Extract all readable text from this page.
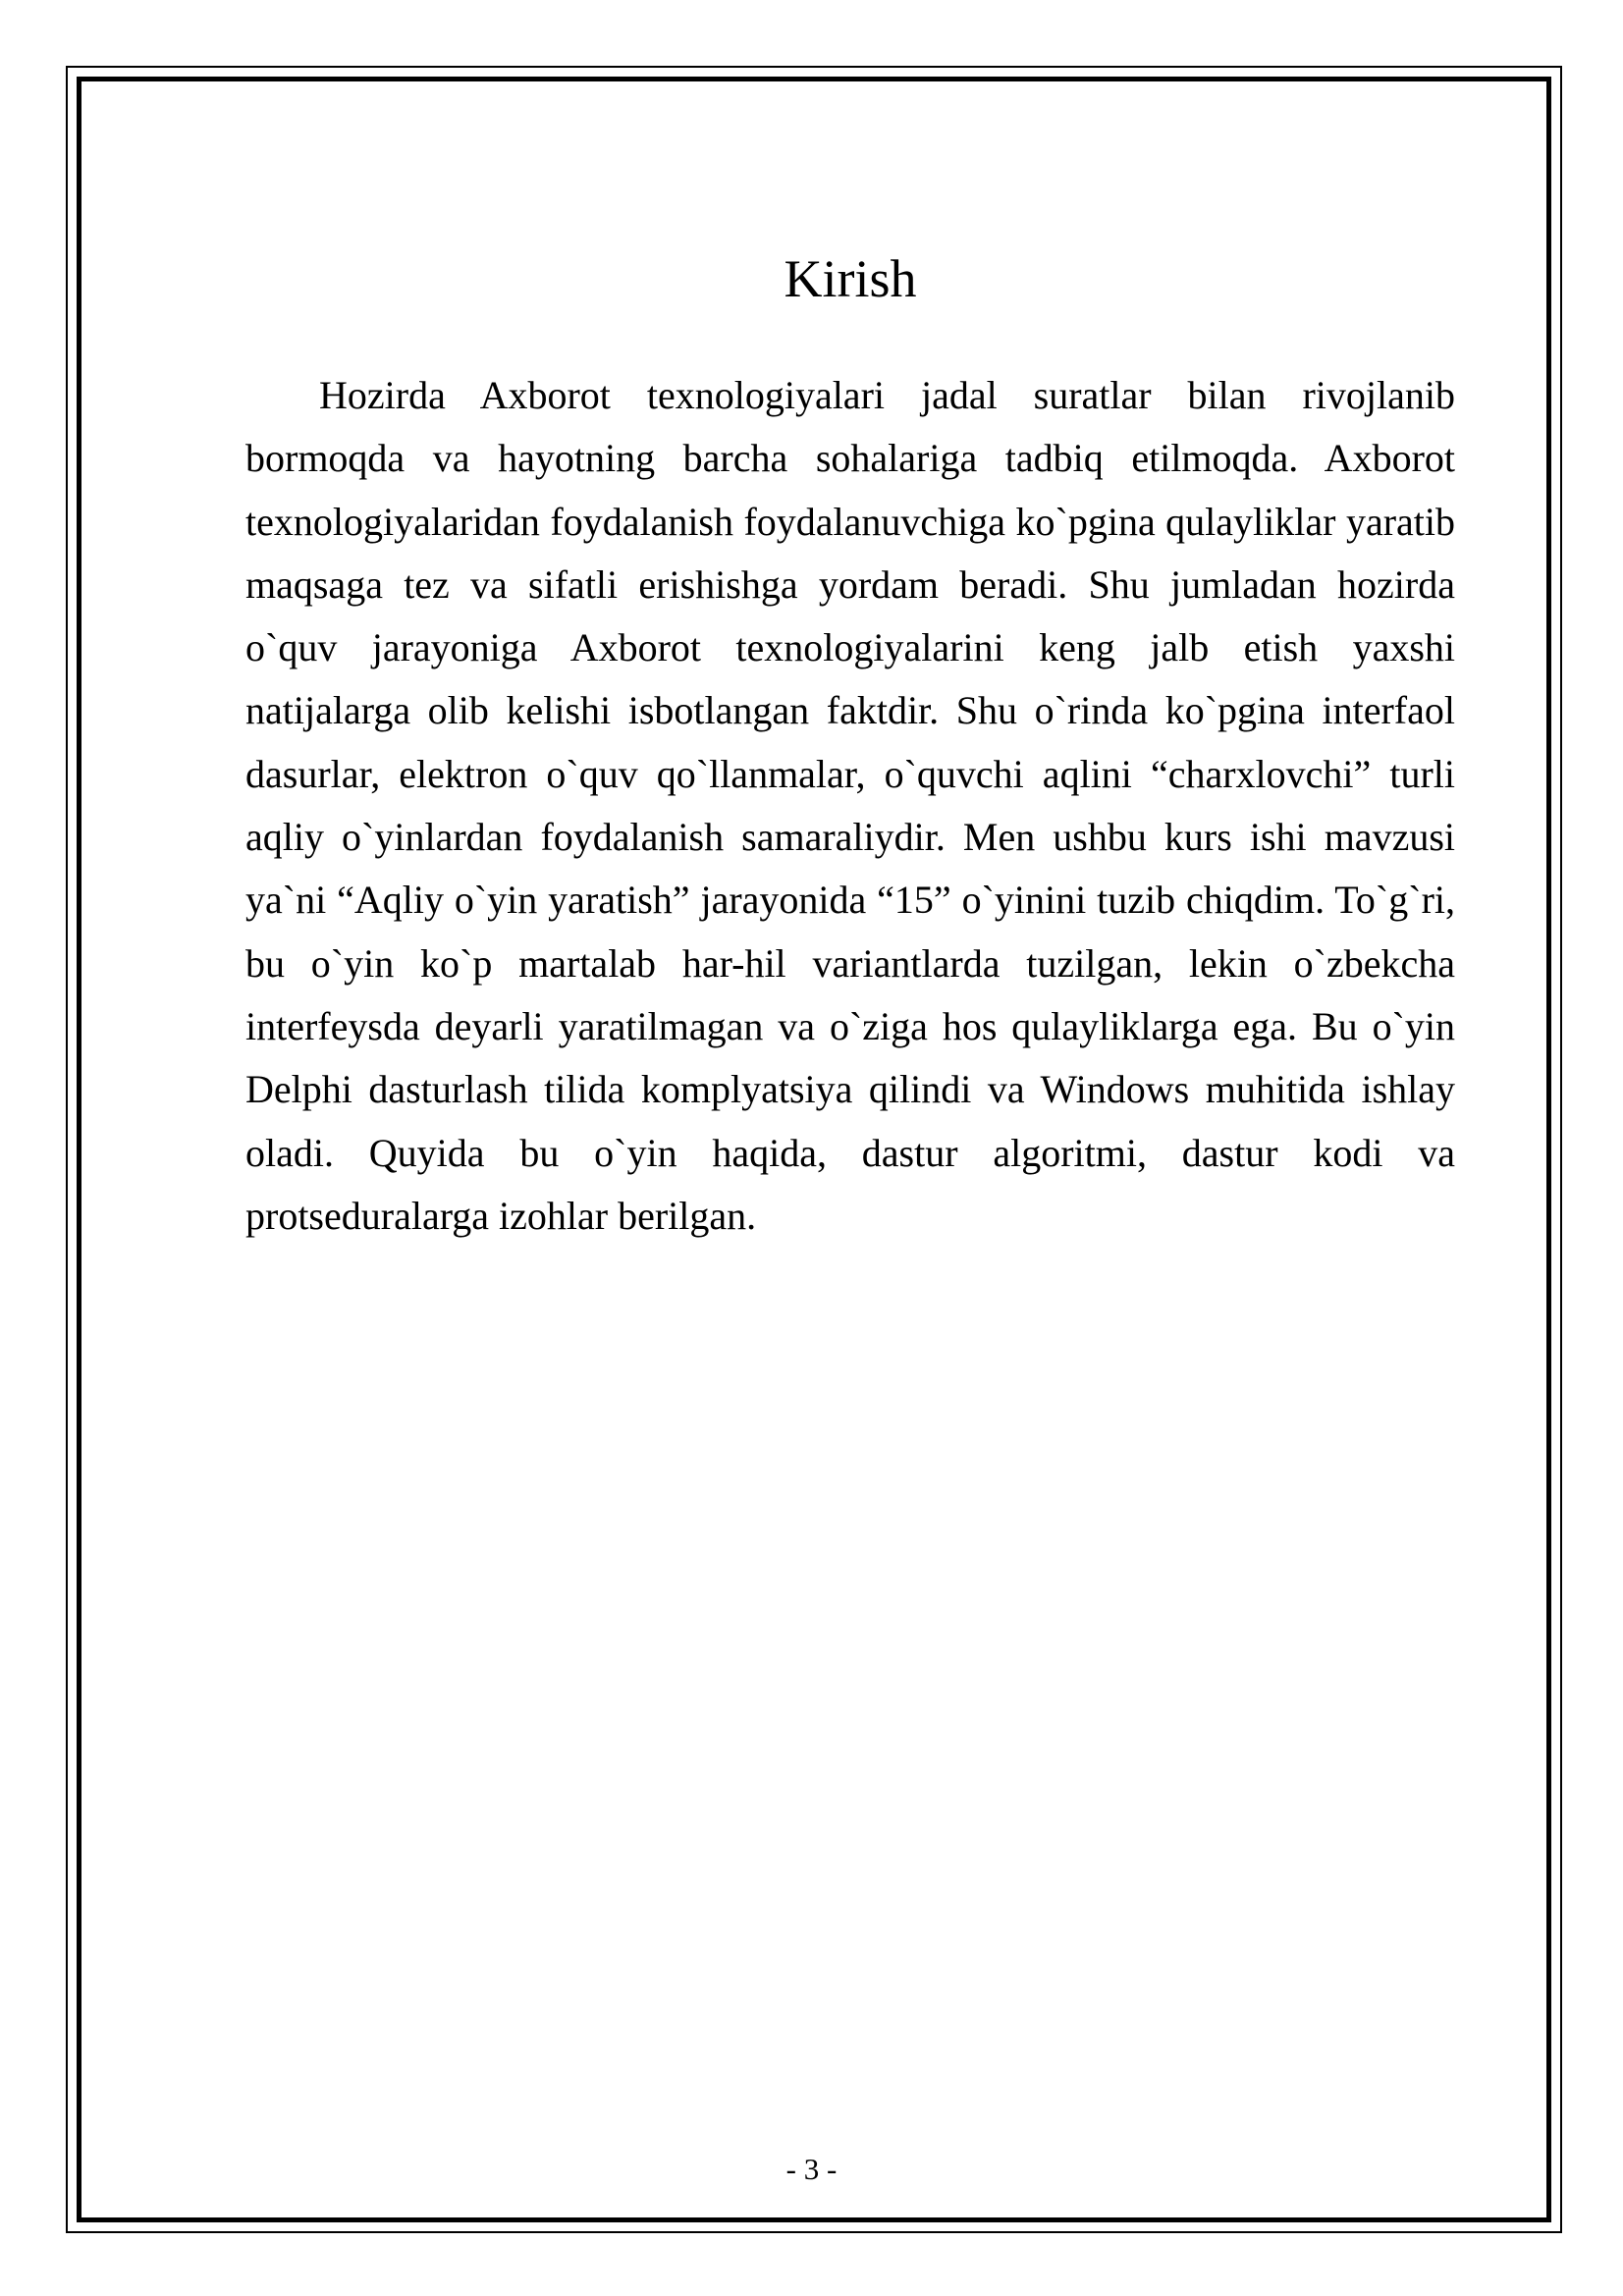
Kirish

Hozirda Axborot texnologiyalari jadal suratlar bilan rivojlanib bormoqda va hayotning barcha sohalariga tadbiq etilmoqda. Axborot texnologiyalaridan foydalanish foydalanuvchiga ko`pgina qulayliklar yaratib maqsaga tez va sifatli erishishga yordam beradi. Shu jumladan hozirda o`quv jarayoniga Axborot texnologiyalarini keng jalb etish yaxshi natijalarga olib kelishi isbotlangan faktdir. Shu o`rinda ko`pgina interfaol dasurlar, elektron o`quv qo`llanmalar, o`quvchi aqlini “charxlovchi” turli aqliy o`yinlardan foydalanish samaraliydir. Men ushbu kurs ishi mavzusi ya`ni “Aqliy o`yin yaratish” jarayonida “15” o`yinini tuzib chiqdim. To`g`ri, bu o`yin ko`p martalab har-hil variantlarda tuzilgan, lekin o`zbekcha interfeysda deyarli yaratilmagan va o`ziga hos qulayliklarga ega. Bu o`yin Delphi dasturlash tilida komplyatsiya qilindi va Windows muhitida ishlay oladi. Quyida bu o`yin haqida, dastur algoritmi, dastur kodi va protseduralarga izohlar berilgan.

- 3 -
